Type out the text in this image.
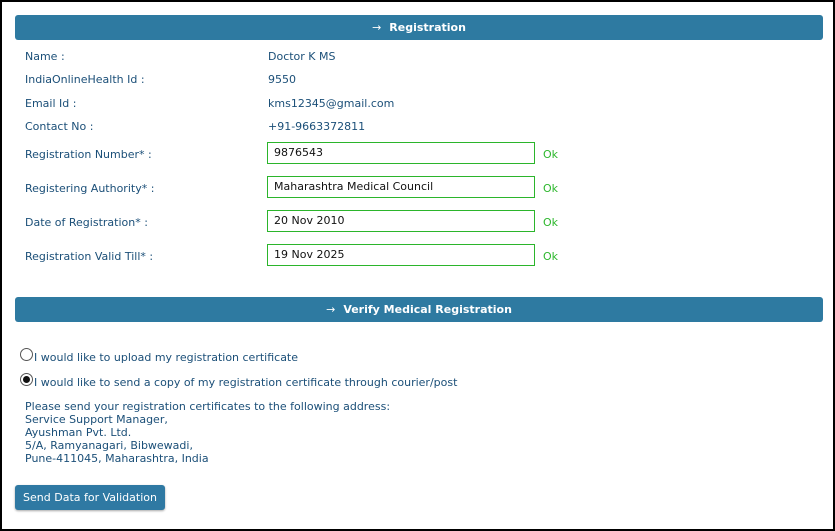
→ Registration
Name :	Doctor K MS
IndiaOnlineHealth Id :	9550
Email Id :	kms12345@gmail.com
Contact No :	+91-9663372811
Registration Number* :
9876543	Ok
Registering Authority* :
Maharashtra Medical Council	Ok
Date of Registration* :
20 Nov 2010	Ok
Registration Valid Till* :
19 Nov 2025	Ok
→ Verify Medical Registration
I would like to upload my registration certificate
I would like to send a copy of my registration certificate through courier/post
Please send your registration certificates to the following address:
Service Support Manager,
Ayushman Pvt. Ltd.
5/A, Ramyanagari, Bibwewadi,
Pune-411045, Maharashtra, India
Send Data for Validation
